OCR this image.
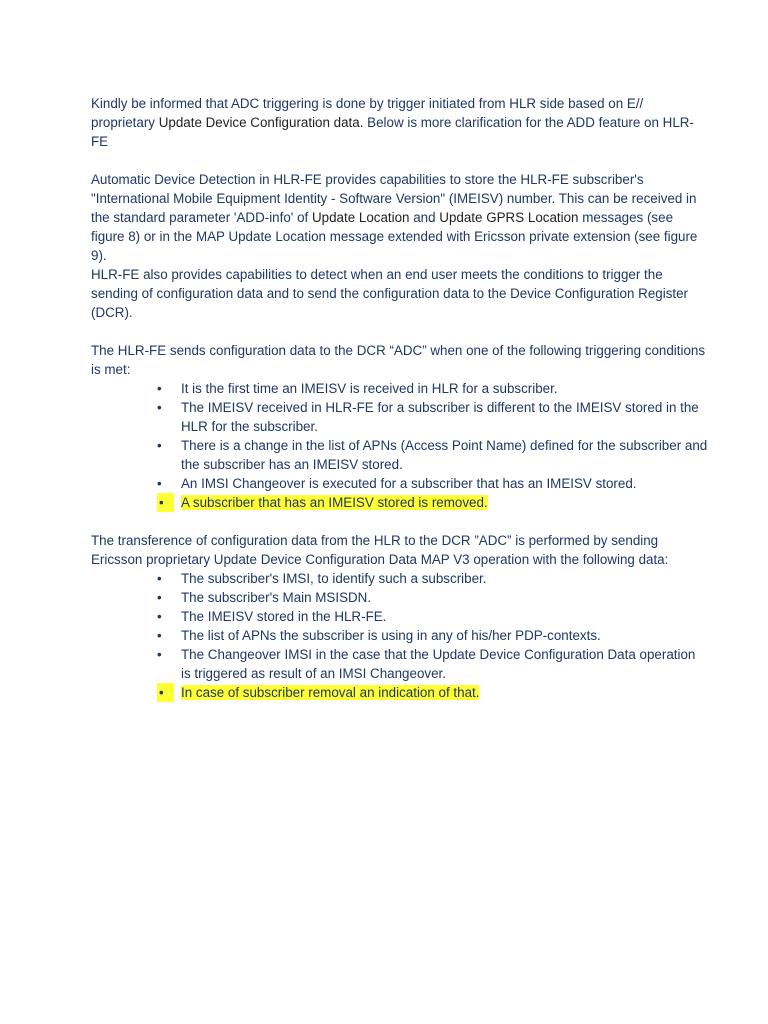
Kindly be informed that ADC triggering is done by trigger initiated from HLR side based on E// proprietary Update Device Configuration data. Below is more clarification for the ADD feature on HLR-FE

Automatic Device Detection in HLR-FE provides capabilities to store the HLR-FE subscriber's "International Mobile Equipment Identity - Software Version" (IMEISV) number. This can be received in the standard parameter 'ADD-info' of Update Location and Update GPRS Location messages (see figure 8) or in the MAP Update Location message extended with Ericsson private extension (see figure 9).

HLR-FE also provides capabilities to detect when an end user meets the conditions to trigger the sending of configuration data and to send the configuration data to the Device Configuration Register (DCR).

The HLR-FE sends configuration data to the DCR “ADC” when one of the following triggering conditions is met:

• It is the first time an IMEISV is received in HLR for a subscriber.
• The IMEISV received in HLR-FE for a subscriber is different to the IMEISV stored in the HLR for the subscriber.
• There is a change in the list of APNs (Access Point Name) defined for the subscriber and the subscriber has an IMEISV stored.
• An IMSI Changeover is executed for a subscriber that has an IMEISV stored.
•	A subscriber that has an IMEISV stored is removed.

The transference of configuration data from the HLR to the DCR ”ADC” is performed by sending Ericsson proprietary Update Device Configuration Data MAP V3 operation with the following data:

• The subscriber's IMSI, to identify such a subscriber.
• The subscriber's Main MSISDN.
• The IMEISV stored in the HLR-FE.
• The list of APNs the subscriber is using in any of his/her PDP-contexts.
• The Changeover IMSI in the case that the Update Device Configuration Data operation is triggered as result of an IMSI Changeover.
•	In case of subscriber removal an indication of that.
